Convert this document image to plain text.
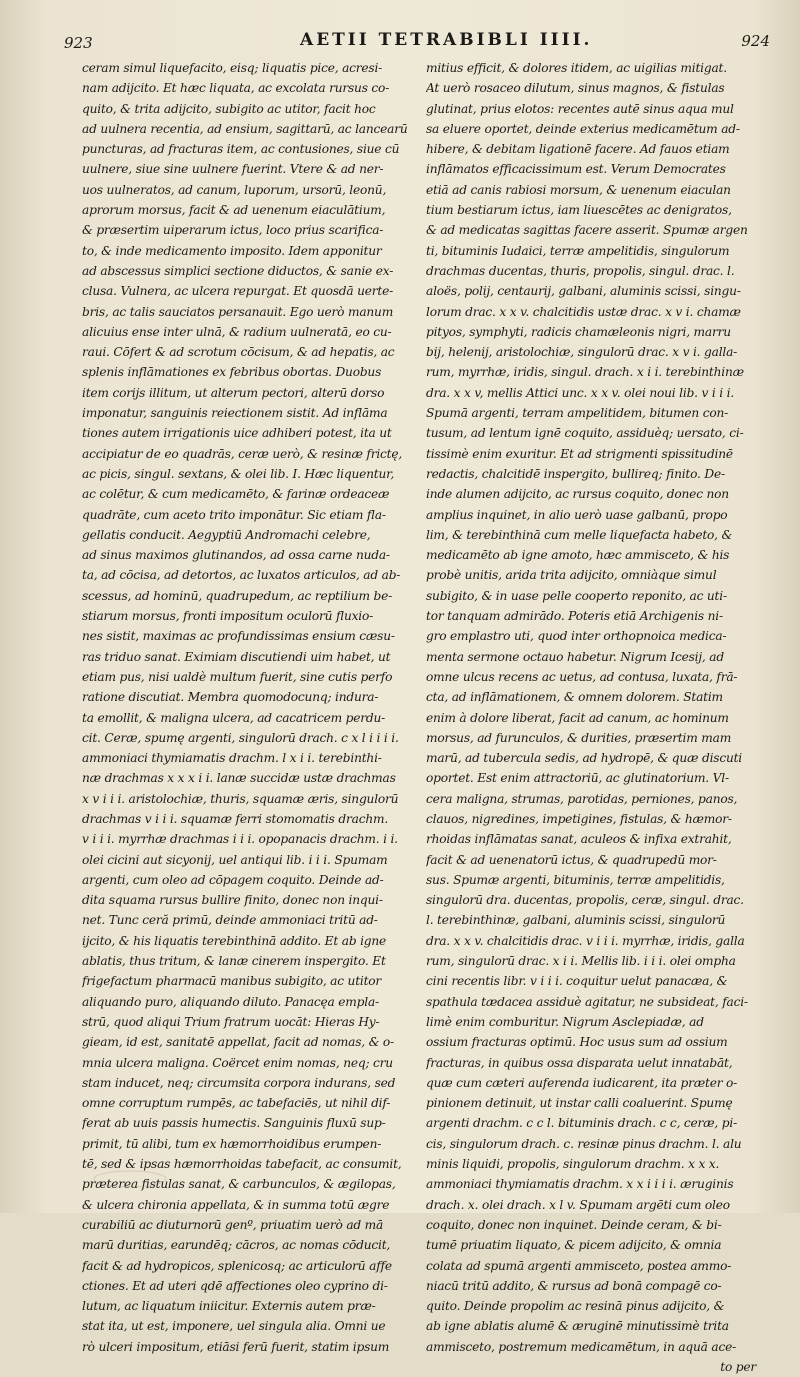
923	AETII TETRABIBLI IIII.	924
ceram simul liquefacito, eisq; liquatis pice, acresi-
nam adijcito. Et hæc liquata, ac excolata rursus co-
quito, & trita adijcito, subigito ac utitor, facit hoc
ad uulnera recentia, ad ensium, sagittarū, ac lancearū
puncturas, ad fracturas item, ac contusiones, siue cū
uulnere, siue sine uulnere fuerint. Vtere & ad ner-
uos uulneratos, ad canum, luporum, ursorū, leonū,
aprorum morsus, facit & ad uenenum eiaculātium,
& præsertim uiperarum ictus, loco prius scarifica-
to, & inde medicamento imposito. Idem apponitur
ad abscessus simplici sectione diductos, & sanie ex-
clusa. Vulnera, ac ulcera repurgat. Et quosdā uerte-
bris, ac talis sauciatos persanauit. Ego uerò manum
alicuius ense inter ulnā, & radium uulneratā, eo cu-
raui. Cōfert & ad scrotum cōcisum, & ad hepatis, ac
splenis inflāmationes ex febribus obortas. Duobus
item corijs illitum, ut alterum pectori, alterū dorso
imponatur, sanguinis reiectionem sistit. Ad inflāma
tiones autem irrigationis uice adhiberi potest, ita ut
accipiatur de eo quadrās, ceræ uerò, & resinæ frictę,
ac picis, singul. sextans, & olei lib. I. Hæc liquentur,
ac colētur, & cum medicamēto, & farinæ ordeaceæ
quadrāte, cum aceto trito imponātur. Sic etiam fla-
gellatis conducit. Aegyptiū Andromachi celebre,
ad sinus maximos glutinandos, ad ossa carne nuda-
ta, ad cōcisa, ad detortos, ac luxatos articulos, ad ab-
scessus, ad hominū, quadrupedum, ac reptilium be-
stiarum morsus, fronti impositum oculorū fluxio-
nes sistit, maximas ac profundissimas ensium cæsu-
ras triduo sanat. Eximiam discutiendi uim habet, ut
etiam pus, nisi ualdè multum fuerit, sine cutis perfo
ratione discutiat. Membra quomodocunq; indura-
ta emollit, & maligna ulcera, ad cacatricem perdu-
cit. Ceræ, spumę argenti, singulorū drach. c x l i i i i.
ammoniaci thymiamatis drachm. l x i i. terebinthi-
næ drachmas x x x i i. lanæ succidæ ustæ drachmas
x v i i i. aristolochiæ, thuris, squamæ æris, singulorū
drachmas v i i i. squamæ ferri stomomatis drachm.
v i i i. myrrhæ drachmas i i i. opopanacis drachm. i i.
olei cicini aut sicyonij, uel antiqui lib. i i i. Spumam
argenti, cum oleo ad cōpagem coquito. Deinde ad-
dita squama rursus bullire finito, donec non inqui-
net. Tunc ceră primū, deinde ammoniaci tritū ad-
ijcito, & his liquatis terebinthinā addito. Et ab igne
ablatis, thus tritum, & lanæ cinerem inspergito. Et
frigefactum pharmacū manibus subigito, ac utitor
aliquando puro, aliquando diluto. Panacęa empla-
strū, quod aliqui Trium fratrum uocāt: Hieras Hy-
gieam, id est, sanitatē appellat, facit ad nomas, & o-
mnia ulcera maligna. Coërcet enim nomas, neq; cru
stam inducet, neq; circumsita corpora indurans, sed
omne corruptum rumpēs, ac tabefaciēs, ut nihil dif-
ferat ab uuis passis humectis. Sanguinis fluxū sup-
primit, tū alibi, tum ex hæmorrhoidibus erumpen-
tē, sed & ipsas hæmorrhoidas tabefacit, ac consumit,
præterea fistulas sanat, & carbunculos, & ægilopas,
& ulcera chironia appellata, & in summa totū ægre
curabiliū ac diuturnorū genº, priuatim uerò ad mā
marū duritias, earundēq; cācros, ac nomas cōducit,
facit & ad hydropicos, splenicosq; ac articulorū affe
ctiones. Et ad uteri qdē affectiones oleo cyprino di-
lutum, ac liquatum iniicitur. Externis autem præ-
stat ita, ut est, imponere, uel singula alia. Omni ue
rò ulceri impositum, etiāsi ferū fuerit, statim ipsum
mitius efficit, & dolores itidem, ac uigilias mitigat.
At uerò rosaceo dilutum, sinus magnos, & fistulas
glutinat, prius elotos: recentes autē sinus aqua mul
sa eluere oportet, deinde exterius medicamētum ad-
hibere, & debitam ligationē facere. Ad fauos etiam
inflāmatos efficacissimum est. Verum Democrates
etiā ad canis rabiosi morsum, & uenenum eiaculan
tium bestiarum ictus, iam liuescētes ac denigratos,
& ad medicatas sagittas facere asserit. Spumæ argen
ti, bituminis Iudaici, terræ ampelitidis, singulorum
drachmas ducentas, thuris, propolis, singul. drac. l.
aloës, polij, centaurij, galbani, aluminis scissi, singu-
lorum drac. x x v. chalcitidis ustæ drac. x v i. chamæ
pityos, symphyti, radicis chamæleonis nigri, marru
bij, helenij, aristolochiæ, singulorū drac. x v i. galla-
rum, myrrhæ, iridis, singul. drach. x i i. terebinthinæ
dra. x x v, mellis Attici unc. x x v. olei noui lib. v i i i.
Spumā argenti, terram ampelitidem, bitumen con-
tusum, ad lentum ignē coquito, assiduèq; uersato, ci-
tissimè enim exuritur. Et ad strigmenti spissitudinē
redactis, chalcitidē inspergito, bullireq; finito. De-
inde alumen adijcito, ac rursus coquito, donec non
amplius inquinet, in alio uerò uase galbanū, propo
lim, & terebinthinā cum melle liquefacta habeto, &
medicamēto ab igne amoto, hæc ammisceto, & his
probè unitis, arida trita adijcito, omniàque simul
subigito, & in uase pelle cooperto reponito, ac uti-
tor tanquam admirādo. Poteris etiā Archigenis ni-
gro emplastro uti, quod inter orthopnoica medica-
menta sermone octauo habetur. Nigrum Icesij, ad
omne ulcus recens ac uetus, ad contusa, luxata, frā-
cta, ad inflāmationem, & omnem dolorem. Statim
enim à dolore liberat, facit ad canum, ac hominum
morsus, ad furunculos, & durities, præsertim mam
marū, ad tubercula sedis, ad hydropē, & quæ discuti
oportet. Est enim attractoriū, ac glutinatorium. Vl-
cera maligna, strumas, parotidas, perniones, panos,
clauos, nigredines, impetigines, fistulas, & hæmor-
rhoidas inflāmatas sanat, aculeos & infixa extrahit,
facit & ad uenenatorū ictus, & quadrupedū mor-
sus. Spumæ argenti, bituminis, terræ ampelitidis,
singulorū dra. ducentas, propolis, ceræ, singul. drac.
l. terebinthinæ, galbani, aluminis scissi, singulorū
dra. x x v. chalcitidis drac. v i i i. myrrhæ, iridis, galla
rum, singulorū drac. x i i. Mellis lib. i i i. olei ompha
cini recentis libr. v i i i. coquitur uelut panacæa, &
spathula tædacea assiduè agitatur, ne subsideat, faci-
limè enim comburitur. Nigrum Asclepiadæ, ad
ossium fracturas optimū. Hoc usus sum ad ossium
fracturas, in quibus ossa disparata uelut innatabāt,
quæ cum cæteri auferenda iudicarent, ita præter o-
pinionem detinuit, ut instar calli coaluerint. Spumę
argenti drachm. c c l. bituminis drach. c c, ceræ, pi-
cis, singulorum drach. c. resinæ pinus drachm. l. alu
minis liquidi, propolis, singulorum drachm. x x x.
ammoniaci thymiamatis drachm. x x i i i i. æruginis
drach. x. olei drach. x l v. Spumam argēti cum oleo
coquito, donec non inquinet. Deinde ceram, & bi-
tumē priuatim liquato, & picem adijcito, & omnia
colata ad spumā argenti ammisceto, postea ammo-
niacū tritū addito, & rursus ad bonā compagē co-
quito. Deinde propolim ac resinā pinus adijcito, &
ab igne ablatis alumē & æruginē minutissimè trita
ammisceto, postremum medicamētum, in aquā ace-
to per
